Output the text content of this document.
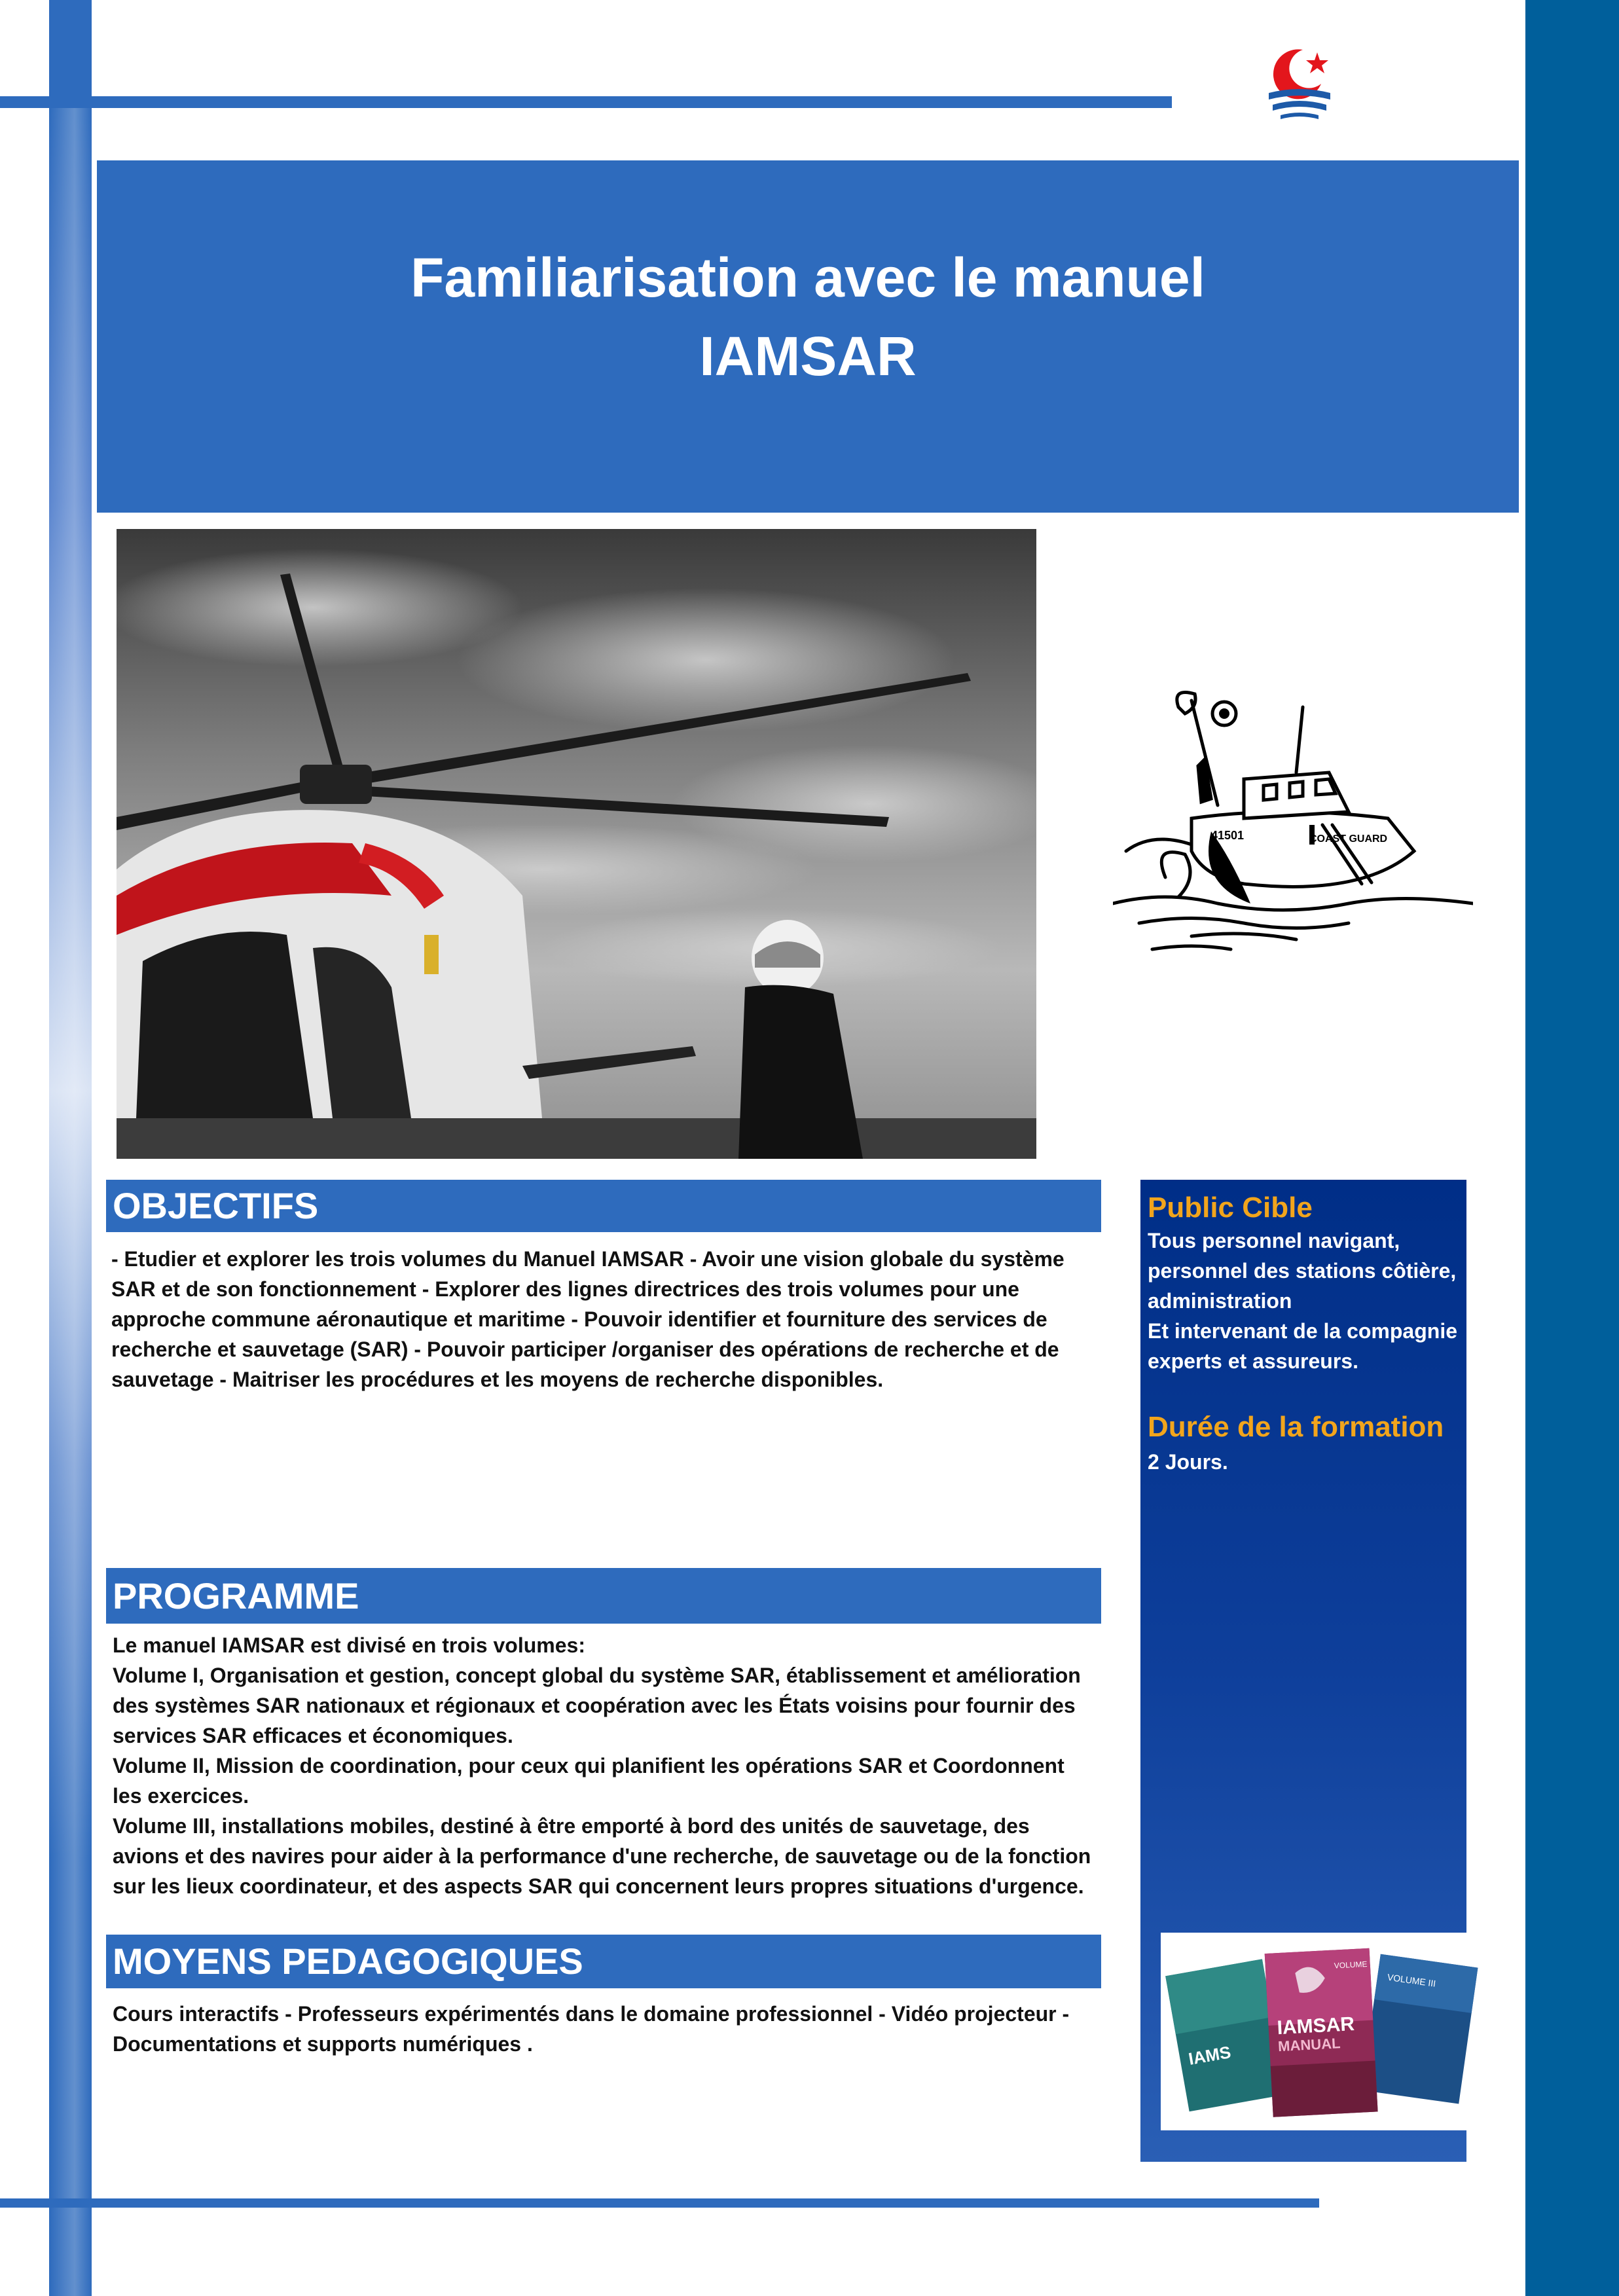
Familiarisation avec le manuel
IAMSAR
41501	COAST GUARD
OBJECTIFS
- Etudier et explorer les trois volumes du Manuel IAMSAR - Avoir une vision globale du système SAR et de son fonctionnement - Explorer des lignes directrices des trois volumes pour une approche commune aéronautique et maritime - Pouvoir identifier et fourniture des services de recherche et sauvetage (SAR) - Pouvoir participer /organiser des opérations de recherche et de sauvetage - Maitriser les procédures et les moyens de recherche disponibles.
PROGRAMME

Le manuel IAMSAR est divisé en trois volumes:

Volume I, Organisation et gestion, concept global du système SAR, établissement et amélioration des systèmes SAR nationaux et régionaux et coopération avec les États voisins pour fournir des services SAR efficaces et économiques.

Volume II, Mission de coordination, pour ceux qui planifient les opérations SAR et Coordonnent les exercices.

Volume III, installations mobiles, destiné à être emporté à bord des unités de sauvetage, des avions et des navires pour aider à la performance d'une recherche, de sauvetage ou de la fonction sur les lieux coordinateur, et des aspects SAR qui concernent leurs propres situations d'urgence.

MOYENS PEDAGOGIQUES
Cours interactifs - Professeurs expérimentés dans le domaine professionnel - Vidéo projecteur - Documentations et supports numériques .
Public Cible
Tous personnel navigant,
personnel des stations côtière,
administration
Et intervenant de la compagnie experts et assureurs.
Durée de la formation
2 Jours.
IAMS
VOLUME III
VOLUME I
IAMSAR
MANUAL
